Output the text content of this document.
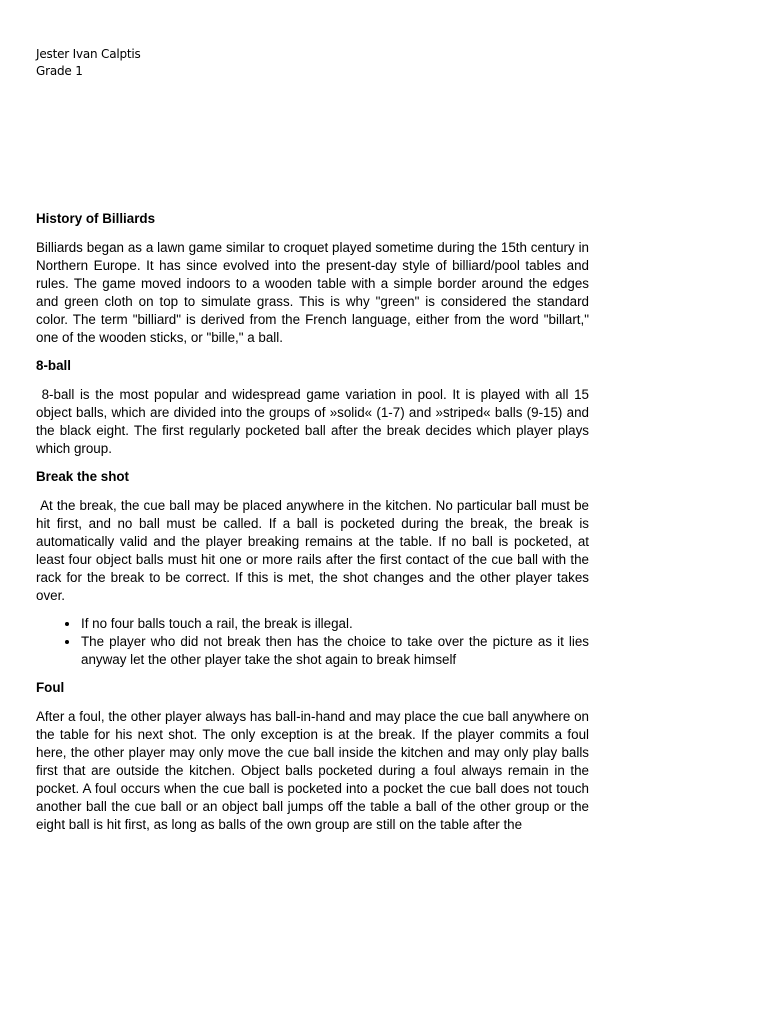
Jester Ivan Calptis
Grade 1
History of Billiards

Billiards began as a lawn game similar to croquet played sometime during the 15th century in Northern Europe. It has since evolved into the present-day style of billiard/pool tables and rules. The game moved indoors to a wooden table with a simple border around the edges and green cloth on top to simulate grass. This is why "green" is considered the standard color. The term "billiard" is derived from the French language, either from the word "billart," one of the wooden sticks, or "bille," a ball.

8-ball

8-ball is the most popular and widespread game variation in pool. It is played with all 15 object balls, which are divided into the groups of »solid« (1-7) and »striped« balls (9-15) and the black eight. The first regularly pocketed ball after the break decides which player plays which group.

Break the shot

At the break, the cue ball may be placed anywhere in the kitchen. No particular ball must be hit first, and no ball must be called. If a ball is pocketed during the break, the break is automatically valid and the player breaking remains at the table. If no ball is pocketed, at least four object balls must hit one or more rails after the first contact of the cue ball with the rack for the break to be correct. If this is met, the shot changes and the other player takes over.

• If no four balls touch a rail, the break is illegal.
• The player who did not break then has the choice to take over the picture as it lies anyway let the other player take the shot again to break himself
Foul

After a foul, the other player always has ball-in-hand and may place the cue ball anywhere on the table for his next shot. The only exception is at the break. If the player commits a foul here, the other player may only move the cue ball inside the kitchen and may only play balls first that are outside the kitchen. Object balls pocketed during a foul always remain in the pocket. A foul occurs when the cue ball is pocketed into a pocket the cue ball does not touch another ball the cue ball or an object ball jumps off the table a ball of the other group or the eight ball is hit first, as long as balls of the own group are still on the table after the
